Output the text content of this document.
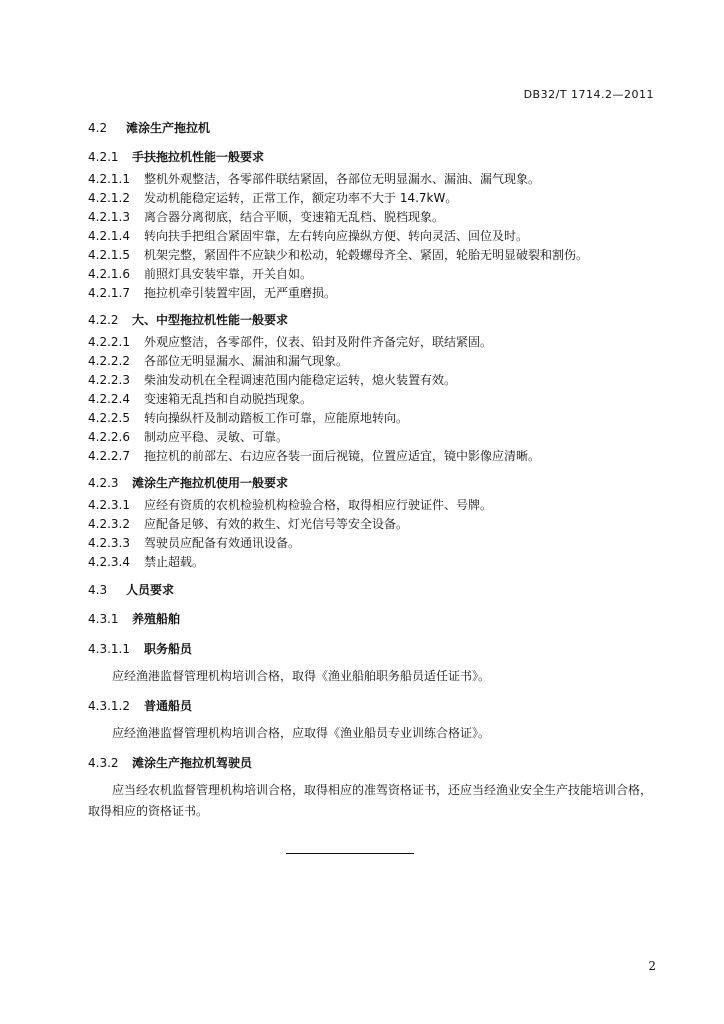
DB32/T 1714.2—2011
4.2 滩涂生产拖拉机
4.2.1 手扶拖拉机性能一般要求
4.2.1.1 整机外观整洁，各零部件联结紧固，各部位无明显漏水、漏油、漏气现象。
4.2.1.2 发动机能稳定运转，正常工作，额定功率不大于 14.7kW。
4.2.1.3 离合器分离彻底，结合平顺，变速箱无乱档、脱档现象。
4.2.1.4 转向扶手把组合紧固牢靠，左右转向应操纵方便、转向灵活、回位及时。
4.2.1.5 机架完整，紧固件不应缺少和松动，轮毂螺母齐全、紧固，轮胎无明显破裂和割伤。
4.2.1.6 前照灯具安装牢靠，开关自如。
4.2.1.7 拖拉机牵引装置牢固，无严重磨损。
4.2.2 大、中型拖拉机性能一般要求
4.2.2.1 外观应整洁，各零部件，仪表、铅封及附件齐备完好，联结紧固。
4.2.2.2 各部位无明显漏水、漏油和漏气现象。
4.2.2.3 柴油发动机在全程调速范围内能稳定运转，熄火装置有效。
4.2.2.4 变速箱无乱挡和自动脱挡现象。
4.2.2.5 转向操纵杆及制动踏板工作可靠，应能原地转向。
4.2.2.6 制动应平稳、灵敏、可靠。
4.2.2.7 拖拉机的前部左、右边应各装一面后视镜，位置应适宜，镜中影像应清晰。
4.2.3 滩涂生产拖拉机使用一般要求
4.2.3.1 应经有资质的农机检验机构检验合格，取得相应行驶证件、号牌。
4.2.3.2 应配备足够、有效的救生、灯光信号等安全设备。
4.2.3.3 驾驶员应配备有效通讯设备。
4.2.3.4 禁止超载。
4.3 人员要求
4.3.1 养殖船舶
4.3.1.1 职务船员

应经渔港监督管理机构培训合格，取得《渔业船舶职务船员适任证书》。

4.3.1.2 普通船员

应经渔港监督管理机构培训合格，应取得《渔业船员专业训练合格证》。

4.3.2 滩涂生产拖拉机驾驶员

应当经农机监督管理机构培训合格，取得相应的准驾资格证书，还应当经渔业安全生产技能培训合格，取得相应的资格证书。

2
